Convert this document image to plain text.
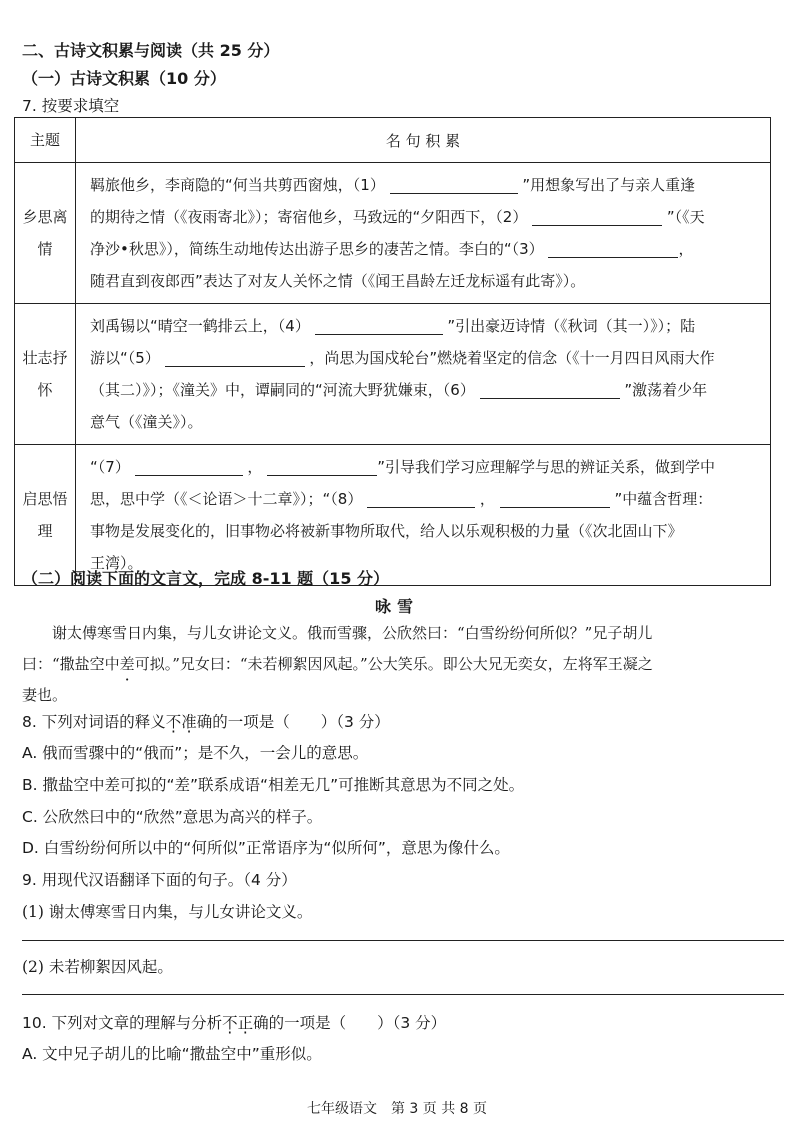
二、古诗文积累与阅读（共 25 分）
（一）古诗文积累（10 分）
7. 按要求填空
主题	名 句 积 累
乡思离情	羁旅他乡，李商隐的“何当共剪西窗烛，（1） ”用想象写出了与亲人重逢
的期待之情（《夜雨寄北》）；寄宿他乡，马致远的“夕阳西下，（2） ”（《天
净沙•秋思》），简练生动地传达出游子思乡的凄苦之情。李白的“（3） ，
随君直到夜郎西”表达了对友人关怀之情（《闻王昌龄左迁龙标遥有此寄》）。
壮志抒怀	刘禹锡以“晴空一鹤排云上，（4） ”引出豪迈诗情（《秋词（其一）》）；陆
游以“（5） ，尚思为国戍轮台”燃烧着坚定的信念（《十一月四日风雨大作
（其二）》）；《潼关》中，谭嗣同的“河流大野犹嫌束，（6） ”激荡着少年
意气（《潼关》）。
启思悟理	“（7） ， ”引导我们学习应理解学与思的辨证关系，做到学中
思，思中学（《＜论语＞十二章》）；“（8） ， ”中蕴含哲理：
事物是发展变化的，旧事物必将被新事物所取代，给人以乐观积极的力量（《次北固山下》
王湾）。
（二）阅读下面的文言文，完成 8-11 题（15 分）
咏雪

谢太傅寒雪日内集，与儿女讲论文义。俄而雪骤，公欣然曰：“白雪纷纷何所似？”兄子胡儿

曰：“撒盐空中差可拟。”兄女曰：“未若柳絮因风起。”公大笑乐。即公大兄无奕女，左将军王凝之
妻也。
8. 下列对词语的释义不准确的一项是（　　）（3 分）
A. 俄而雪骤中的“俄而”；是不久，一会儿的意思。
B. 撒盐空中差可拟的“差”联系成语“相差无几”可推断其意思为不同之处。
C. 公欣然曰中的“欣然”意思为高兴的样子。
D. 白雪纷纷何所以中的“何所似”正常语序为“似所何”，意思为像什么。
9. 用现代汉语翻译下面的句子。（4 分）
(1) 谢太傅寒雪日内集，与儿女讲论文义。
(2) 未若柳絮因风起。
10. 下列对文章的理解与分析不正确的一项是（　　）（3 分）
A. 文中兄子胡儿的比喻“撒盐空中”重形似。
七年级语文　第 3 页 共 8 页
